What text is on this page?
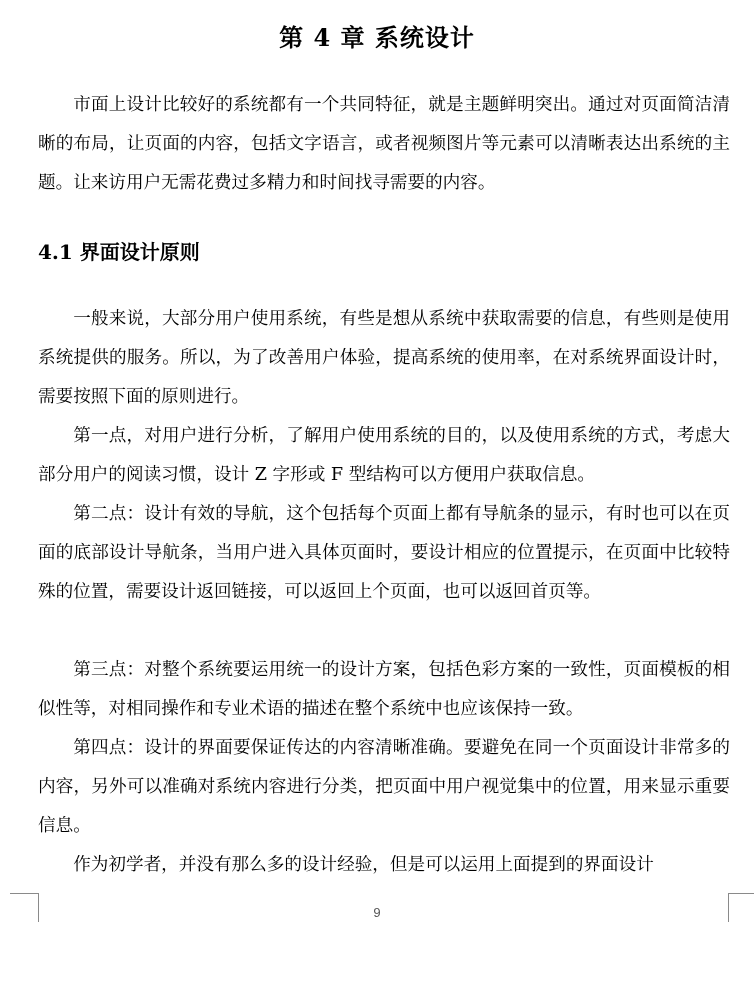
第 4 章 系统设计

市面上设计比较好的系统都有一个共同特征，就是主题鲜明突出。通过对页面简洁清晰的布局，让页面的内容，包括文字语言，或者视频图片等元素可以清晰表达出系统的主题。让来访用户无需花费过多精力和时间找寻需要的内容。

4.1 界面设计原则

一般来说，大部分用户使用系统，有些是想从系统中获取需要的信息，有些则是使用系统提供的服务。所以，为了改善用户体验，提高系统的使用率，在对系统界面设计时，需要按照下面的原则进行。

第一点，对用户进行分析，了解用户使用系统的目的，以及使用系统的方式，考虑大部分用户的阅读习惯，设计 Z 字形或 F 型结构可以方便用户获取信息。

第二点：设计有效的导航，这个包括每个页面上都有导航条的显示，有时也可以在页面的底部设计导航条，当用户进入具体页面时，要设计相应的位置提示，在页面中比较特殊的位置，需要设计返回链接，可以返回上个页面，也可以返回首页等。

第三点：对整个系统要运用统一的设计方案，包括色彩方案的一致性，页面模板的相似性等，对相同操作和专业术语的描述在整个系统中也应该保持一致。

第四点：设计的界面要保证传达的内容清晰准确。要避免在同一个页面设计非常多的内容，另外可以准确对系统内容进行分类，把页面中用户视觉集中的位置，用来显示重要信息。

作为初学者，并没有那么多的设计经验，但是可以运用上面提到的界面设计

9
